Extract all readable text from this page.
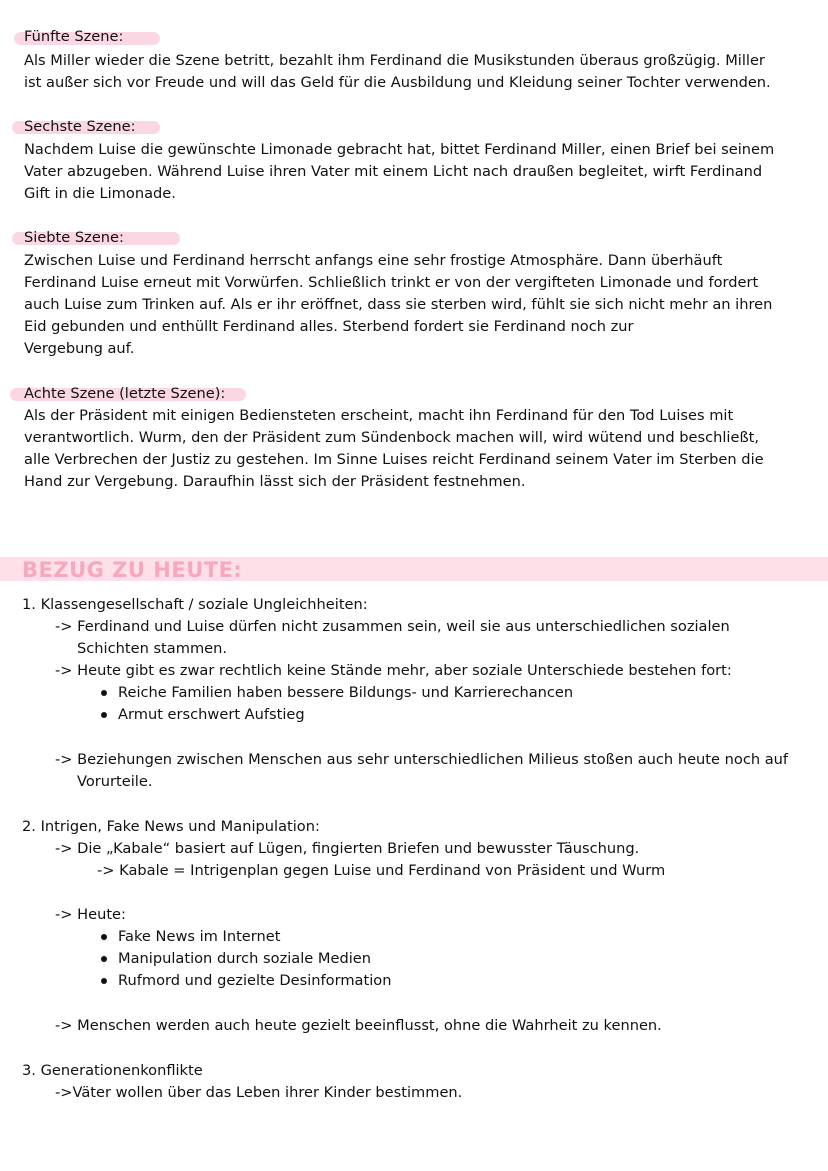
Fünfte Szene:
Als Miller wieder die Szene betritt, bezahlt ihm Ferdinand die Musikstunden überaus großzügig. Miller
ist außer sich vor Freude und will das Geld für die Ausbildung und Kleidung seiner Tochter verwenden.
Sechste Szene:
Nachdem Luise die gewünschte Limonade gebracht hat, bittet Ferdinand Miller, einen Brief bei seinem
Vater abzugeben. Während Luise ihren Vater mit einem Licht nach draußen begleitet, wirft Ferdinand
Gift in die Limonade.
Siebte Szene:
Zwischen Luise und Ferdinand herrscht anfangs eine sehr frostige Atmosphäre. Dann überhäuft
Ferdinand Luise erneut mit Vorwürfen. Schließlich trinkt er von der vergifteten Limonade und fordert
auch Luise zum Trinken auf. Als er ihr eröffnet, dass sie sterben wird, fühlt sie sich nicht mehr an ihren
Eid gebunden und enthüllt Ferdinand alles. Sterbend fordert sie Ferdinand noch zur
Vergebung auf.
Achte Szene (letzte Szene):
Als der Präsident mit einigen Bediensteten erscheint, macht ihn Ferdinand für den Tod Luises mit
verantwortlich. Wurm, den der Präsident zum Sündenbock machen will, wird wütend und beschließt,
alle Verbrechen der Justiz zu gestehen. Im Sinne Luises reicht Ferdinand seinem Vater im Sterben die
Hand zur Vergebung. Daraufhin lässt sich der Präsident festnehmen.
BEZUG ZU HEUTE:
1. Klassengesellschaft / soziale Ungleichheiten:
-> Ferdinand und Luise dürfen nicht zusammen sein, weil sie aus unterschiedlichen sozialen
Schichten stammen.
-> Heute gibt es zwar rechtlich keine Stände mehr, aber soziale Unterschiede bestehen fort:
Reiche Familien haben bessere Bildungs- und Karrierechancen
Armut erschwert Aufstieg
-> Beziehungen zwischen Menschen aus sehr unterschiedlichen Milieus stoßen auch heute noch auf
Vorurteile.
2. Intrigen, Fake News und Manipulation:
-> Die „Kabale“ basiert auf Lügen, fingierten Briefen und bewusster Täuschung.
-> Kabale = Intrigenplan gegen Luise und Ferdinand von Präsident und Wurm
-> Heute:
Fake News im Internet
Manipulation durch soziale Medien
Rufmord und gezielte Desinformation
-> Menschen werden auch heute gezielt beeinflusst, ohne die Wahrheit zu kennen.
3. Generationenkonflikte
->Väter wollen über das Leben ihrer Kinder bestimmen.
